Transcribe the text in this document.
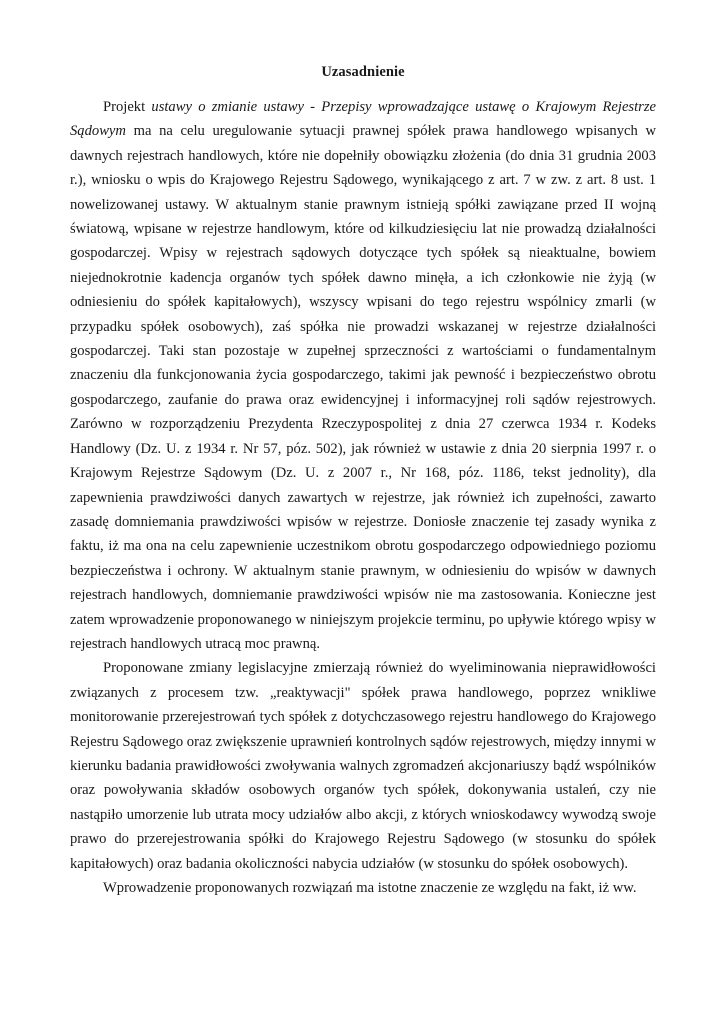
Uzasadnienie

Projekt ustawy o zmianie ustawy - Przepisy wprowadzające ustawę o Krajowym Rejestrze Sądowym ma na celu uregulowanie sytuacji prawnej spółek prawa handlowego wpisanych w dawnych rejestrach handlowych, które nie dopełniły obowiązku złożenia (do dnia 31 grudnia 2003 r.), wniosku o wpis do Krajowego Rejestru Sądowego, wynikającego z art. 7 w zw. z art. 8 ust. 1 nowelizowanej ustawy. W aktualnym stanie prawnym istnieją spółki zawiązane przed II wojną światową, wpisane w rejestrze handlowym, które od kilkudziesięciu lat nie prowadzą działalności gospodarczej. Wpisy w rejestrach sądowych dotyczące tych spółek są nieaktualne, bowiem niejednokrotnie kadencja organów tych spółek dawno minęła, a ich członkowie nie żyją (w odniesieniu do spółek kapitałowych), wszyscy wpisani do tego rejestru wspólnicy zmarli (w przypadku spółek osobowych), zaś spółka nie prowadzi wskazanej w rejestrze działalności gospodarczej. Taki stan pozostaje w zupełnej sprzeczności z wartościami o fundamentalnym znaczeniu dla funkcjonowania życia gospodarczego, takimi jak pewność i bezpieczeństwo obrotu gospodarczego, zaufanie do prawa oraz ewidencyjnej i informacyjnej roli sądów rejestrowych. Zarówno w rozporządzeniu Prezydenta Rzeczypospolitej z dnia 27 czerwca 1934 r. Kodeks Handlowy (Dz. U. z 1934 r. Nr 57, póz. 502), jak również w ustawie z dnia 20 sierpnia 1997 r. o Krajowym Rejestrze Sądowym (Dz. U. z 2007 r., Nr 168, póz. 1186, tekst jednolity), dla zapewnienia prawdziwości danych zawartych w rejestrze, jak również ich zupełności, zawarto zasadę domniemania prawdziwości wpisów w rejestrze. Doniosłe znaczenie tej zasady wynika z faktu, iż ma ona na celu zapewnienie uczestnikom obrotu gospodarczego odpowiedniego poziomu bezpieczeństwa i ochrony. W aktualnym stanie prawnym, w odniesieniu do wpisów w dawnych rejestrach handlowych, domniemanie prawdziwości wpisów nie ma zastosowania. Konieczne jest zatem wprowadzenie proponowanego w niniejszym projekcie terminu, po upływie którego wpisy w rejestrach handlowych utracą moc prawną.

Proponowane zmiany legislacyjne zmierzają również do wyeliminowania nieprawidłowości związanych z procesem tzw. „reaktywacji" spółek prawa handlowego, poprzez wnikliwe monitorowanie przerejestrowań tych spółek z dotychczasowego rejestru handlowego do Krajowego Rejestru Sądowego oraz zwiększenie uprawnień kontrolnych sądów rejestrowych, między innymi w kierunku badania prawidłowości zwoływania walnych zgromadzeń akcjonariuszy bądź wspólników oraz powoływania składów osobowych organów tych spółek, dokonywania ustaleń, czy nie nastąpiło umorzenie lub utrata mocy udziałów albo akcji, z których wnioskodawcy wywodzą swoje prawo do przerejestrowania spółki do Krajowego Rejestru Sądowego (w stosunku do spółek kapitałowych) oraz badania okoliczności nabycia udziałów (w stosunku do spółek osobowych).

Wprowadzenie proponowanych rozwiązań ma istotne znaczenie ze względu na fakt, iż ww.
